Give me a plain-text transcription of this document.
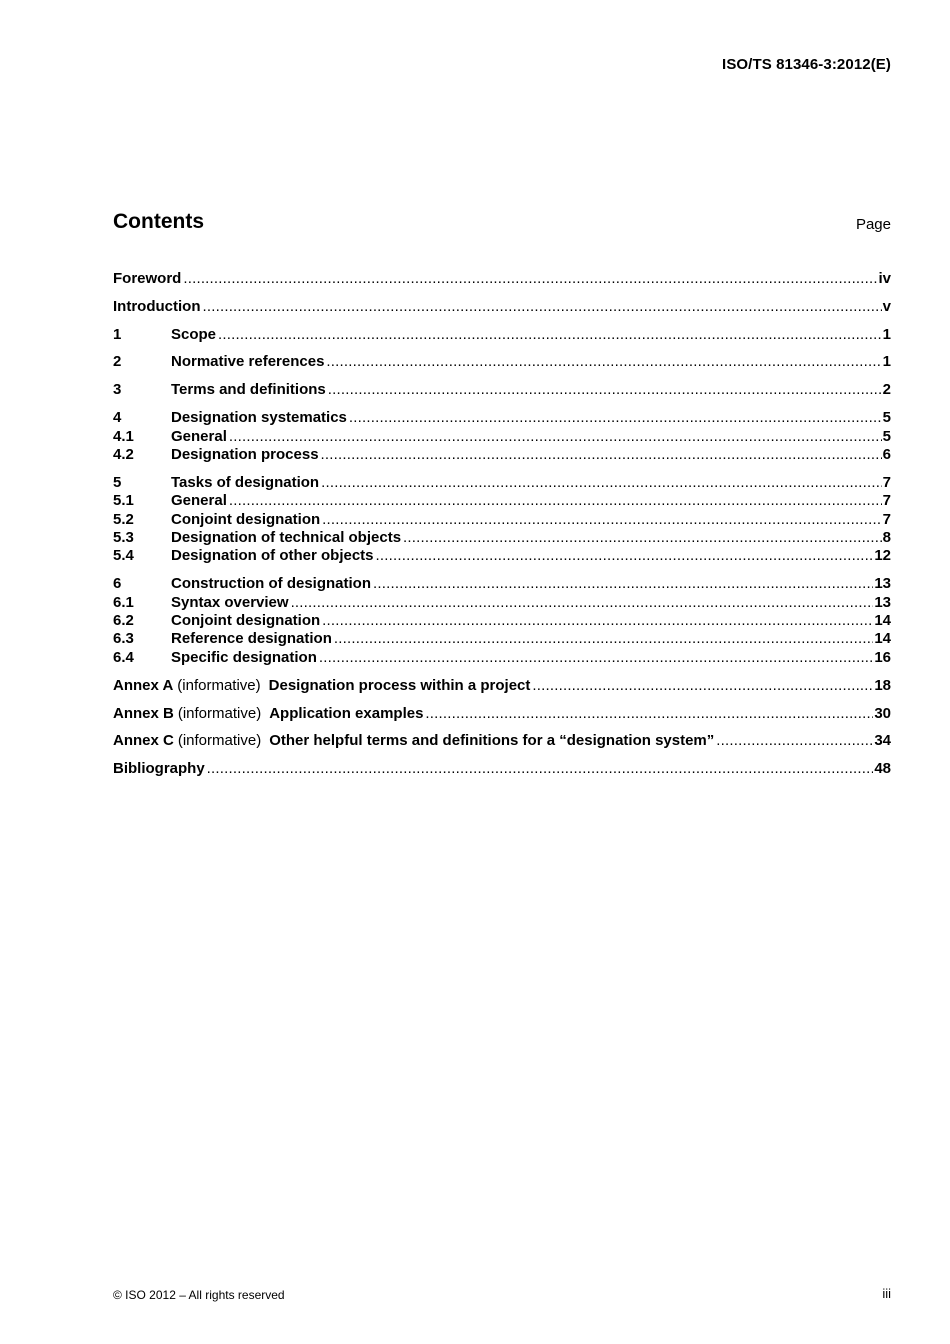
ISO/TS 81346-3:2012(E)
Contents	Page
Foreword .....	iv
Introduction .....	v
1	Scope .....	1
2	Normative references .....	1
3	Terms and definitions .....	2
4	Designation systematics .....	5
4.1	General .....	5
4.2	Designation process .....	6
5	Tasks of designation .....	7
5.1	General .....	7
5.2	Conjoint designation .....	7
5.3	Designation of technical objects .....	8
5.4	Designation of other objects .....	12
6	Construction of designation .....	13
6.1	Syntax overview .....	13
6.2	Conjoint designation .....	14
6.3	Reference designation .....	14
6.4	Specific designation .....	16
Annex A (informative) Designation process within a project .....	18
Annex B (informative) Application examples .....	30
Annex C (informative) Other helpful terms and definitions for a “designation system” .....	34
Bibliography .....	48
© ISO 2012 – All rights reserved	iii
